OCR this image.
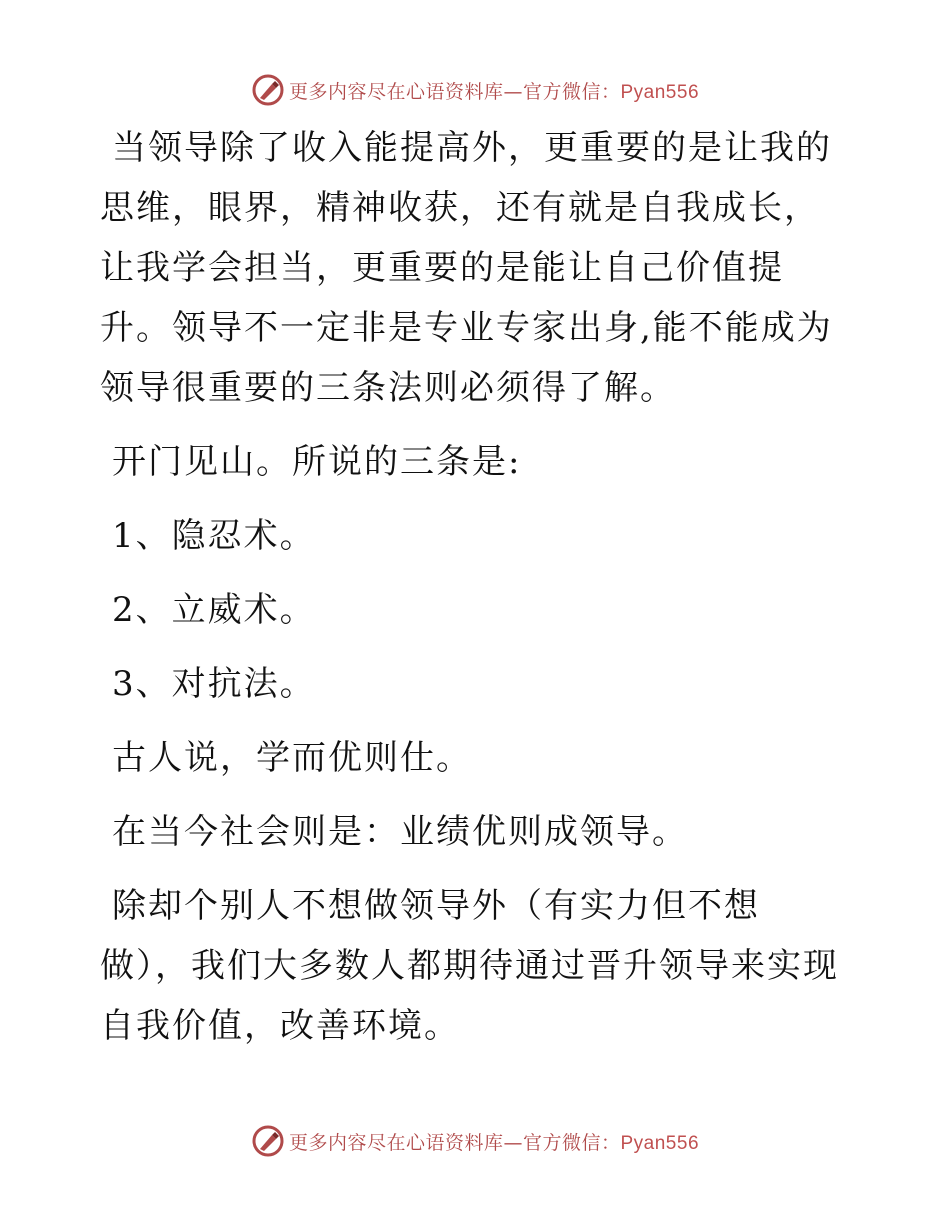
更多内容尽在心语资料库—官方微信：Pyan556

当领导除了收入能提高外，更重要的是让我的思维，眼界，精神收获，还有就是自我成长，让我学会担当，更重要的是能让自己价值提升。领导不一定非是专业专家出身,能不能成为领导很重要的三条法则必须得了解。

开门见山。所说的三条是:

1、隐忍术。

2、立威术。

3、对抗法。

古人说，学而优则仕。

在当今社会则是：业绩优则成领导。

除却个别人不想做领导外（有实力但不想做），我们大多数人都期待通过晋升领导来实现自我价值，改善环境。

更多内容尽在心语资料库—官方微信：Pyan556
